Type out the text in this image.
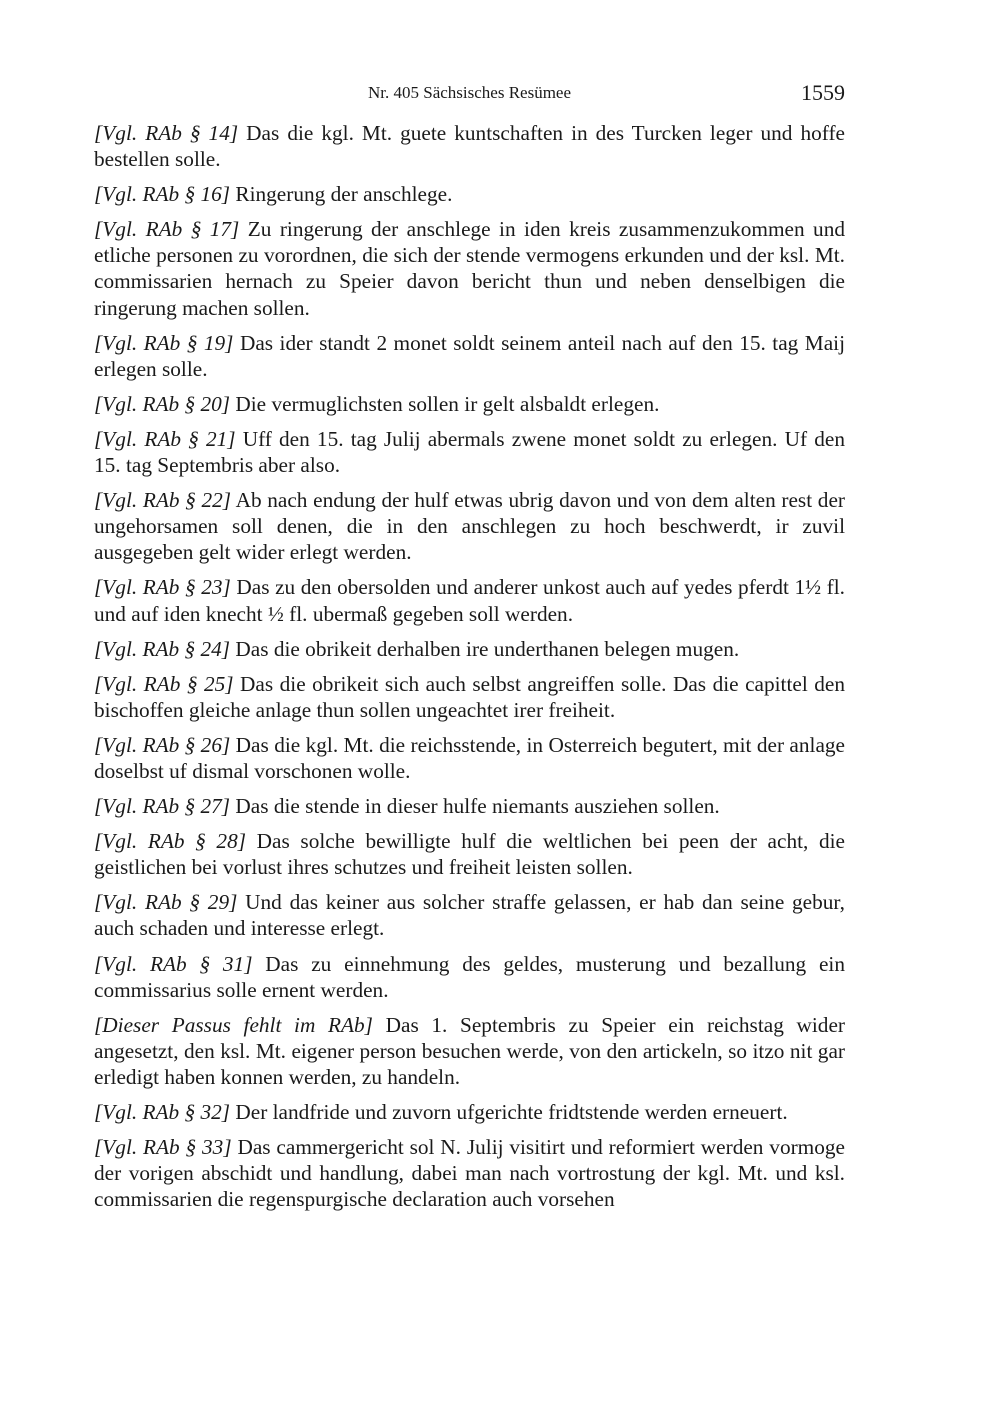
Nr. 405 Sächsisches Resümee	1559

[Vgl. RAb § 14] Das die kgl. Mt. guete kuntschaften in des Turcken leger und hoffe bestellen solle.

[Vgl. RAb § 16] Ringerung der anschlege.

[Vgl. RAb § 17] Zu ringerung der anschlege in iden kreis zusammenzukommen und etliche personen zu vorordnen, die sich der stende vermogens erkunden und der ksl. Mt. commissarien hernach zu Speier davon bericht thun und neben denselbigen die ringerung machen sollen.

[Vgl. RAb § 19] Das ider standt 2 monet soldt seinem anteil nach auf den 15. tag Maij erlegen solle.

[Vgl. RAb § 20] Die vermuglichsten sollen ir gelt alsbaldt erlegen.

[Vgl. RAb § 21] Uff den 15. tag Julij abermals zwene monet soldt zu erlegen. Uf den 15. tag Septembris aber also.

[Vgl. RAb § 22] Ab nach endung der hulf etwas ubrig davon und von dem alten rest der ungehorsamen soll denen, die in den anschlegen zu hoch beschwerdt, ir zuvil ausgegeben gelt wider erlegt werden.

[Vgl. RAb § 23] Das zu den obersolden und anderer unkost auch auf yedes pferdt 1½ fl. und auf iden knecht ½ fl. ubermaß gegeben soll werden.

[Vgl. RAb § 24] Das die obrikeit derhalben ire underthanen belegen mugen.

[Vgl. RAb § 25] Das die obrikeit sich auch selbst angreiffen solle. Das die capittel den bischoffen gleiche anlage thun sollen ungeachtet irer freiheit.

[Vgl. RAb § 26] Das die kgl. Mt. die reichsstende, in Osterreich begutert, mit der anlage doselbst uf dismal vorschonen wolle.

[Vgl. RAb § 27] Das die stende in dieser hulfe niemants ausziehen sollen.

[Vgl. RAb § 28] Das solche bewilligte hulf die weltlichen bei peen der acht, die geistlichen bei vorlust ihres schutzes und freiheit leisten sollen.

[Vgl. RAb § 29] Und das keiner aus solcher straffe gelassen, er hab dan seine gebur, auch schaden und interesse erlegt.

[Vgl. RAb § 31] Das zu einnehmung des geldes, musterung und bezallung ein commissarius solle ernent werden.

[Dieser Passus fehlt im RAb] Das 1. Septembris zu Speier ein reichstag wider angesetzt, den ksl. Mt. eigener person besuchen werde, von den artickeln, so itzo nit gar erledigt haben konnen werden, zu handeln.

[Vgl. RAb § 32] Der landfride und zuvorn ufgerichte fridtstende werden erneuert.

[Vgl. RAb § 33] Das cammergericht sol N. Julij visitirt und reformiert werden vormoge der vorigen abschidt und handlung, dabei man nach vortrostung der kgl. Mt. und ksl. commissarien die regenspurgische declaration auch vorsehen
